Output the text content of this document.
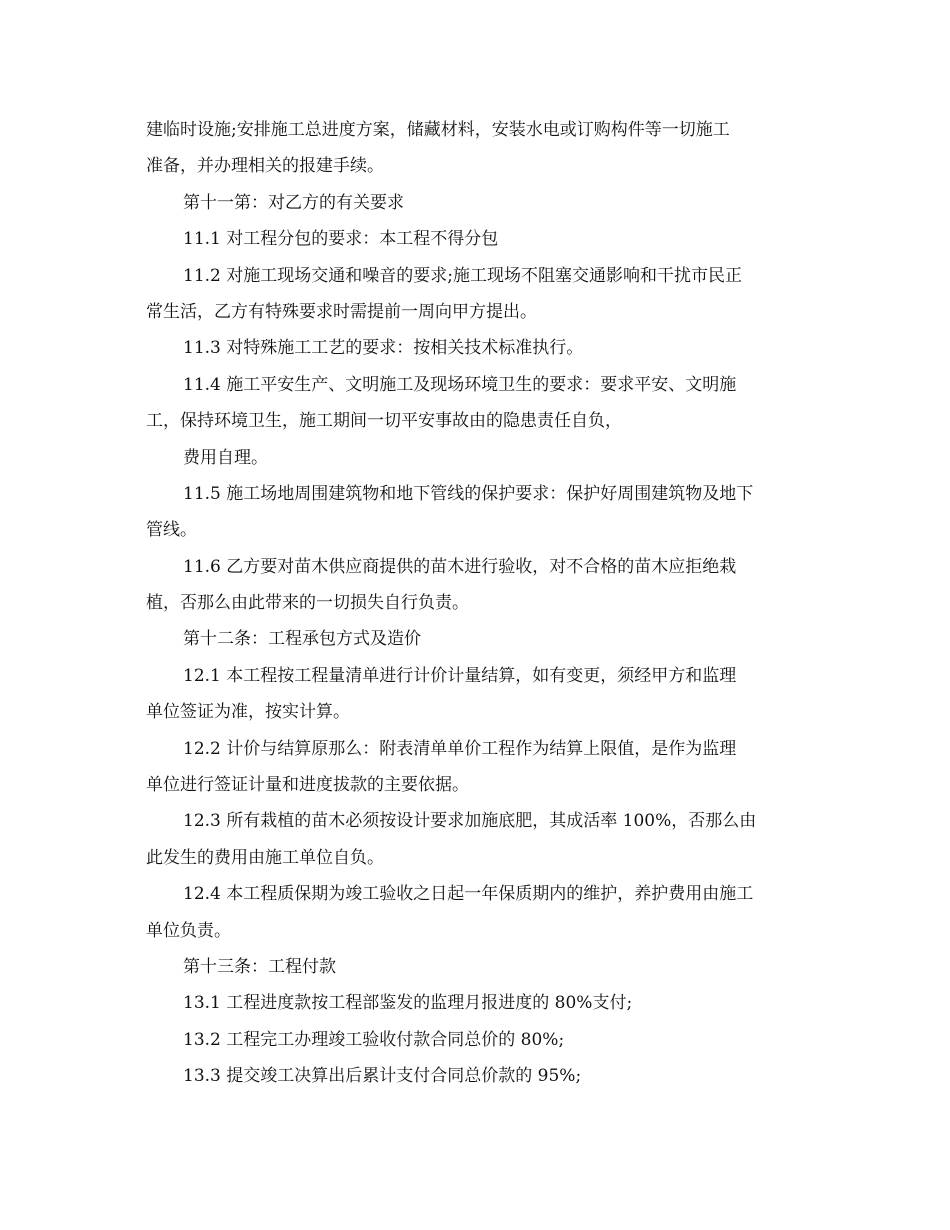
建临时设施;安排施工总进度方案，储藏材料，安装水电或订购构件等一切施工
准备，并办理相关的报建手续。
第十一第：对乙方的有关要求
11.1 对工程分包的要求：本工程不得分包
11.2 对施工现场交通和噪音的要求;施工现场不阻塞交通影响和干扰市民正
常生活，乙方有特殊要求时需提前一周向甲方提出。
11.3 对特殊施工工艺的要求：按相关技术标准执行。
11.4 施工平安生产、文明施工及现场环境卫生的要求：要求平安、文明施
工，保持环境卫生，施工期间一切平安事故由的隐患责任自负，
费用自理。
11.5 施工场地周围建筑物和地下管线的保护要求：保护好周围建筑物及地下
管线。
11.6 乙方要对苗木供应商提供的苗木进行验收，对不合格的苗木应拒绝栽
植，否那么由此带来的一切损失自行负责。
第十二条：工程承包方式及造价
12.1 本工程按工程量清单进行计价计量结算，如有变更，须经甲方和监理
单位签证为准，按实计算。
12.2 计价与结算原那么：附表清单单价工程作为结算上限值，是作为监理
单位进行签证计量和进度拔款的主要依据。
12.3 所有栽植的苗木必须按设计要求加施底肥，其成活率 100%，否那么由
此发生的费用由施工单位自负。
12.4 本工程质保期为竣工验收之日起一年保质期内的维护，养护费用由施工
单位负责。
第十三条：工程付款
13.1 工程进度款按工程部鉴发的监理月报进度的 80%支付;
13.2 工程完工办理竣工验收付款合同总价的 80%;
13.3 提交竣工决算出后累计支付合同总价款的 95%;
